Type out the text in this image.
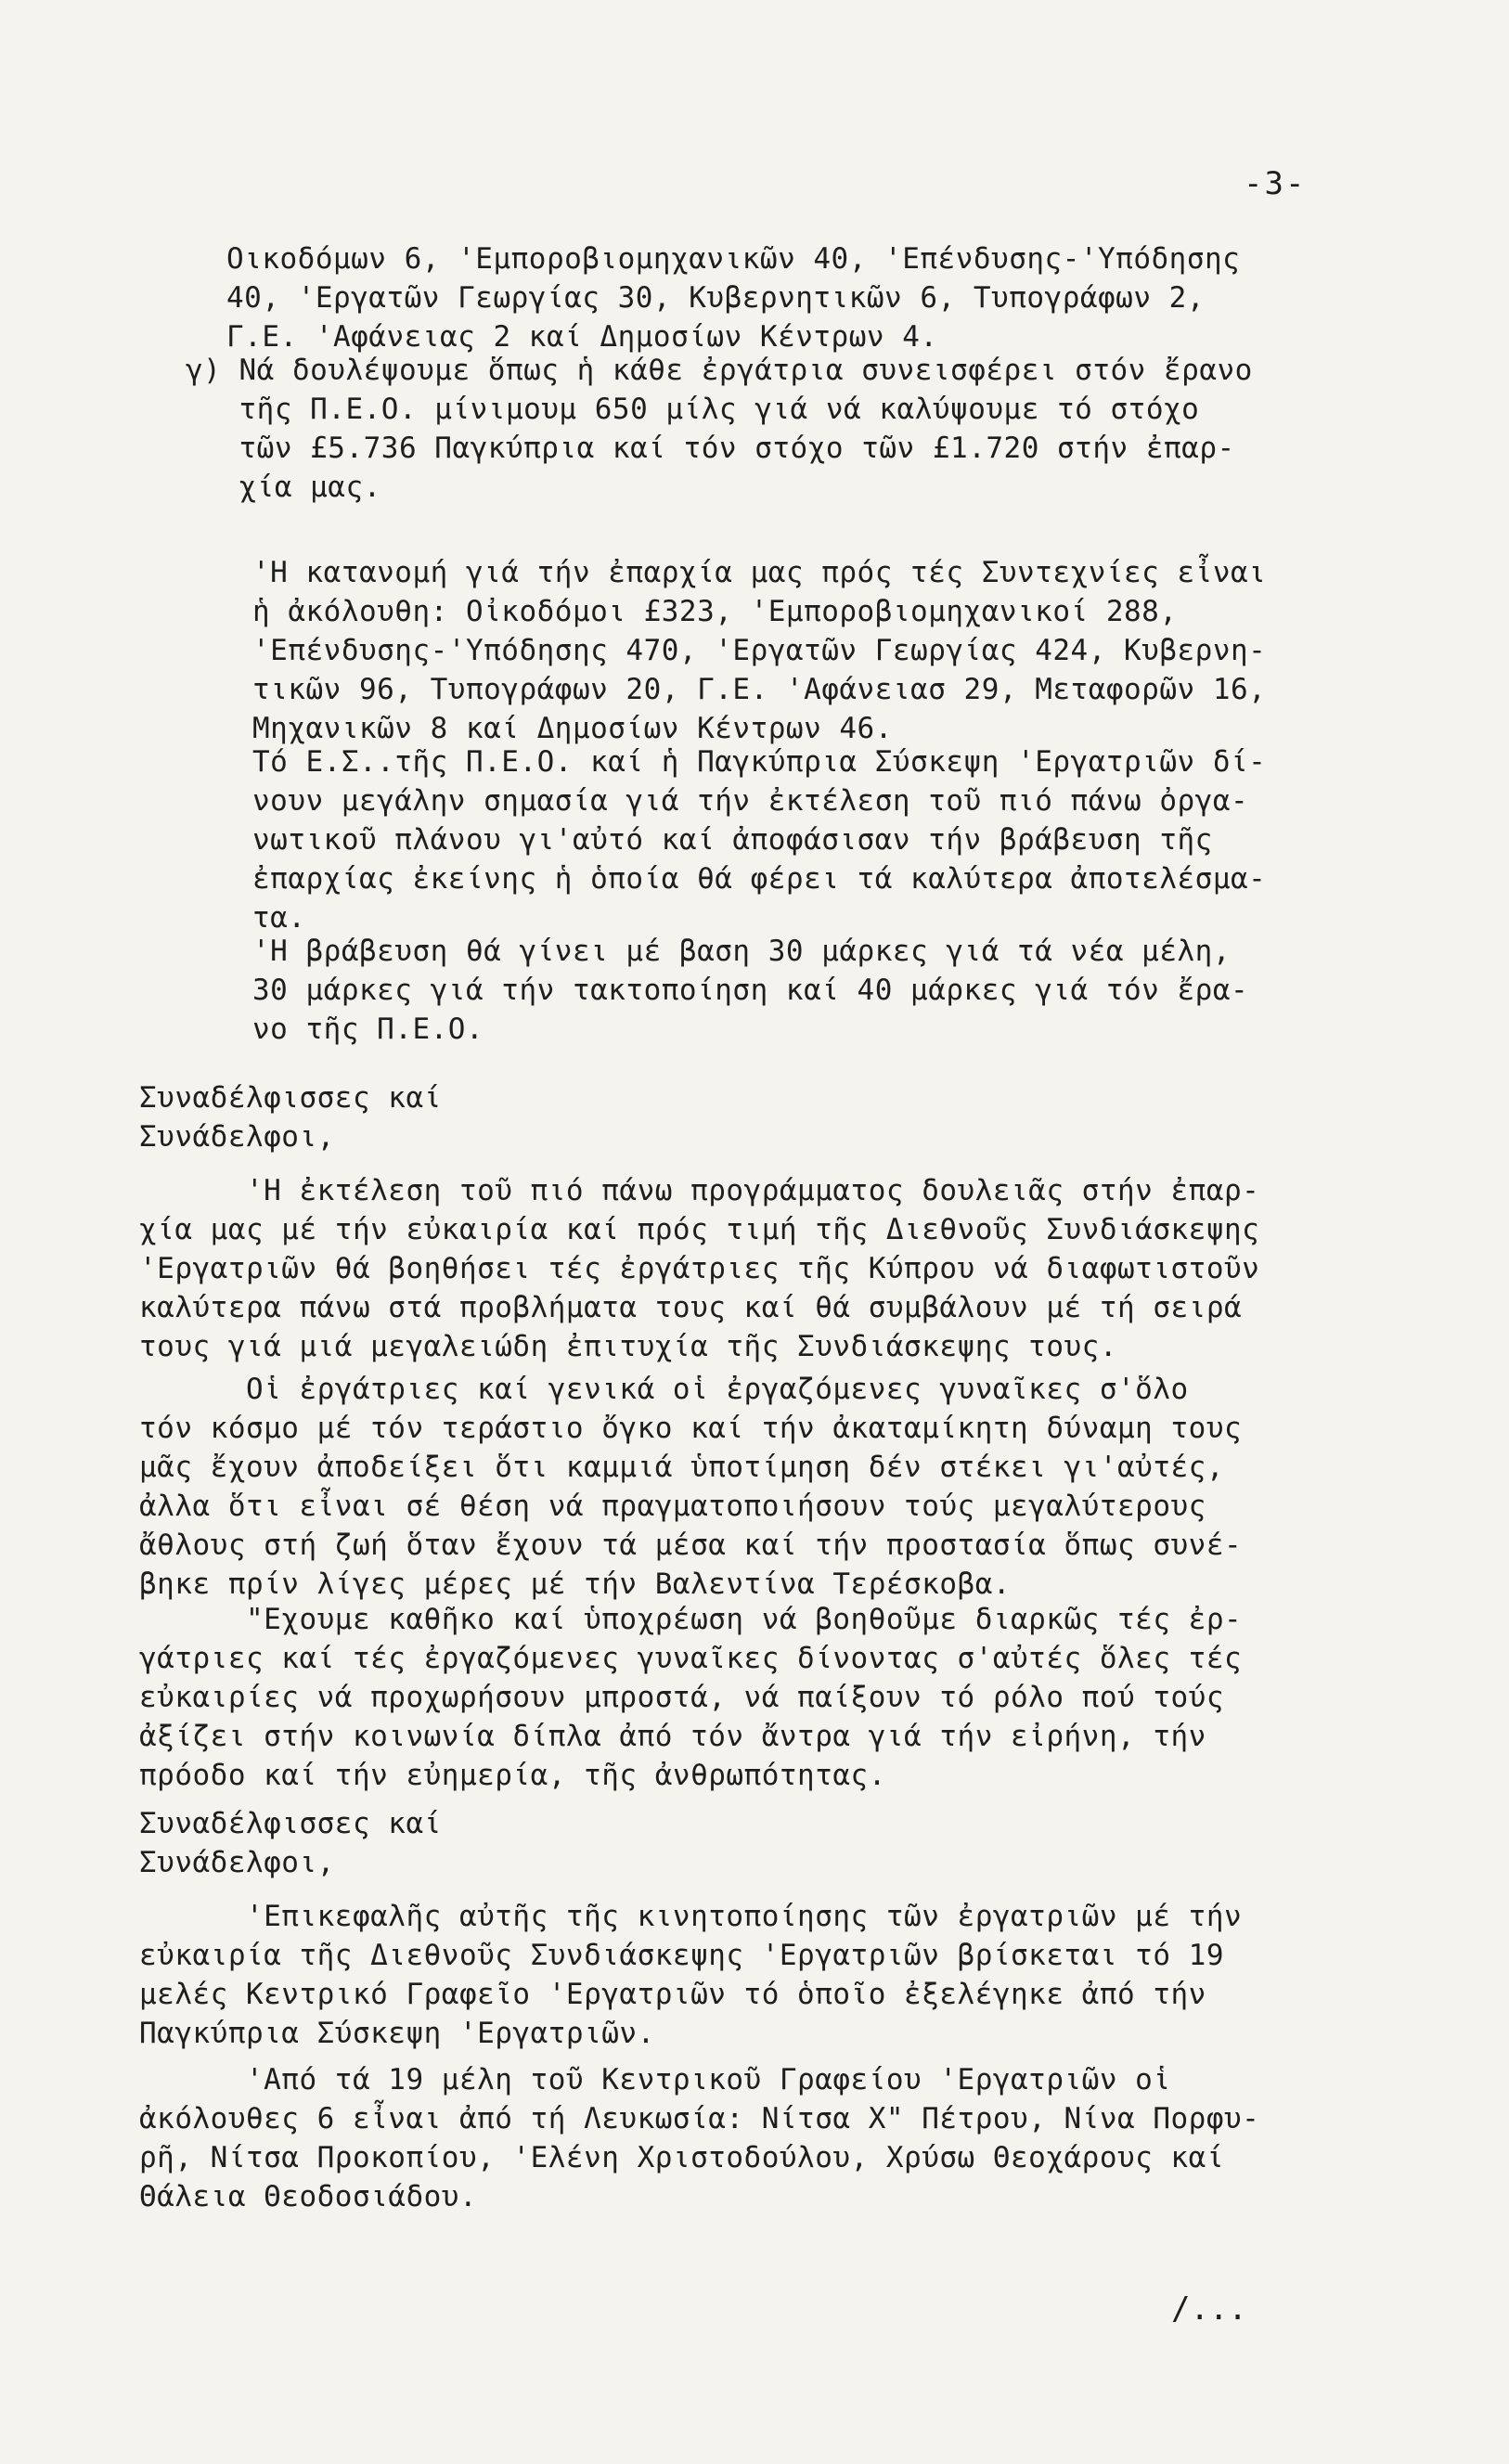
-3-
Οικοδόμων 6, 'Εμποροβιομηχανικῶν 40, 'Επένδυσης-'Υπόδησης
40, 'Εργατῶν Γεωργίας 30, Κυβερνητικῶν 6, Τυπογράφων 2,
Γ.Ε. 'Αφάνειας 2 καί Δημοσίων Κέντρων 4.
γ) Νά δουλέψουμε ὅπως ἡ κάθε ἐργάτρια συνεισφέρει στόν ἔρανο
τῆς Π.Ε.Ο. μίνιμουμ 650 μίλς γιά νά καλύψουμε τό στόχο
τῶν £5.736 Παγκύπρια καί τόν στόχο τῶν £1.720 στήν ἐπαρ-
χία μας.
'Η κατανομή γιά τήν ἐπαρχία μας πρός τές Συντεχνίες εἶναι
ἡ ἀκόλουθη: Οἰκοδόμοι £323, 'Εμποροβιομηχανικοί 288,
'Επένδυσης-'Υπόδησης 470, 'Εργατῶν Γεωργίας 424, Κυβερνη-
τικῶν 96, Τυπογράφων 20, Γ.Ε. 'Αφάνειασ 29, Μεταφορῶν 16,
Μηχανικῶν 8 καί Δημοσίων Κέντρων 46.
Τό Ε.Σ..τῆς Π.Ε.Ο. καί ἡ Παγκύπρια Σύσκεψη 'Εργατριῶν δί-
νουν μεγάλην σημασία γιά τήν ἐκτέλεση τοῦ πιό πάνω ὀργα-
νωτικοῦ πλάνου γι'αὐτό καί ἀποφάσισαν τήν βράβευση τῆς
ἐπαρχίας ἐκείνης ἡ ὁποία θά φέρει τά καλύτερα ἀποτελέσμα-
τα.
'Η βράβευση θά γίνει μέ βαση 30 μάρκες γιά τά νέα μέλη,
30 μάρκες γιά τήν τακτοποίηση καί 40 μάρκες γιά τόν ἔρα-
νο τῆς Π.Ε.Ο.
Συναδέλφισσες καί
Συνάδελφοι,
'Η ἐκτέλεση τοῦ πιό πάνω προγράμματος δουλειᾶς στήν ἐπαρ-
χία μας μέ τήν εὐκαιρία καί πρός τιμή τῆς Διεθνοῦς Συνδιάσκεψης
'Εργατριῶν θά βοηθήσει τές ἐργάτριες τῆς Κύπρου νά διαφωτιστοῦν
καλύτερα πάνω στά προβλήματα τους καί θά συμβάλουν μέ τή σειρά
τους γιά μιά μεγαλειώδη ἐπιτυχία τῆς Συνδιάσκεψης τους.
Οἱ ἐργάτριες καί γενικά οἱ ἐργαζόμενες γυναῖκες σ'ὅλο
τόν κόσμο μέ τόν τεράστιο ὄγκο καί τήν ἀκαταμίκητη δύναμη τους
μᾶς ἔχουν ἀποδείξει ὅτι καμμιά ὑποτίμηση δέν στέκει γι'αὐτές,
ἀλλα ὅτι εἶναι σέ θέση νά πραγματοποιήσουν τούς μεγαλύτερους
ἄθλους στή ζωή ὅταν ἔχουν τά μέσα καί τήν προστασία ὅπως συνέ-
βηκε πρίν λίγες μέρες μέ τήν Βαλεντίνα Τερέσκοβα.
"Εχουμε καθῆκο καί ὑποχρέωση νά βοηθοῦμε διαρκῶς τές ἐρ-
γάτριες καί τές ἐργαζόμενες γυναῖκες δίνοντας σ'αὐτές ὅλες τές
εὐκαιρίες νά προχωρήσουν μπροστά, νά παίξουν τό ρόλο πού τούς
ἀξίζει στήν κοινωνία δίπλα ἀπό τόν ἄντρα γιά τήν εἰρήνη, τήν
πρόοδο καί τήν εὐημερία, τῆς ἀνθρωπότητας.
Συναδέλφισσες καί
Συνάδελφοι,
'Επικεφαλῆς αὐτῆς τῆς κινητοποίησης τῶν ἐργατριῶν μέ τήν
εὐκαιρία τῆς Διεθνοῦς Συνδιάσκεψης 'Εργατριῶν βρίσκεται τό 19
μελές Κεντρικό Γραφεῖο 'Εργατριῶν τό ὁποῖο ἐξελέγηκε ἀπό τήν
Παγκύπρια Σύσκεψη 'Εργατριῶν.
'Από τά 19 μέλη τοῦ Κεντρικοῦ Γραφείου 'Εργατριῶν οἱ
ἀκόλουθες 6 εἶναι ἀπό τή Λευκωσία: Νίτσα Χ" Πέτρου, Νίνα Πορφυ-
ρῆ, Νίτσα Προκοπίου, 'Ελένη Χριστοδούλου, Χρύσω Θεοχάρους καί
Θάλεια Θεοδοσιάδου.
/...
